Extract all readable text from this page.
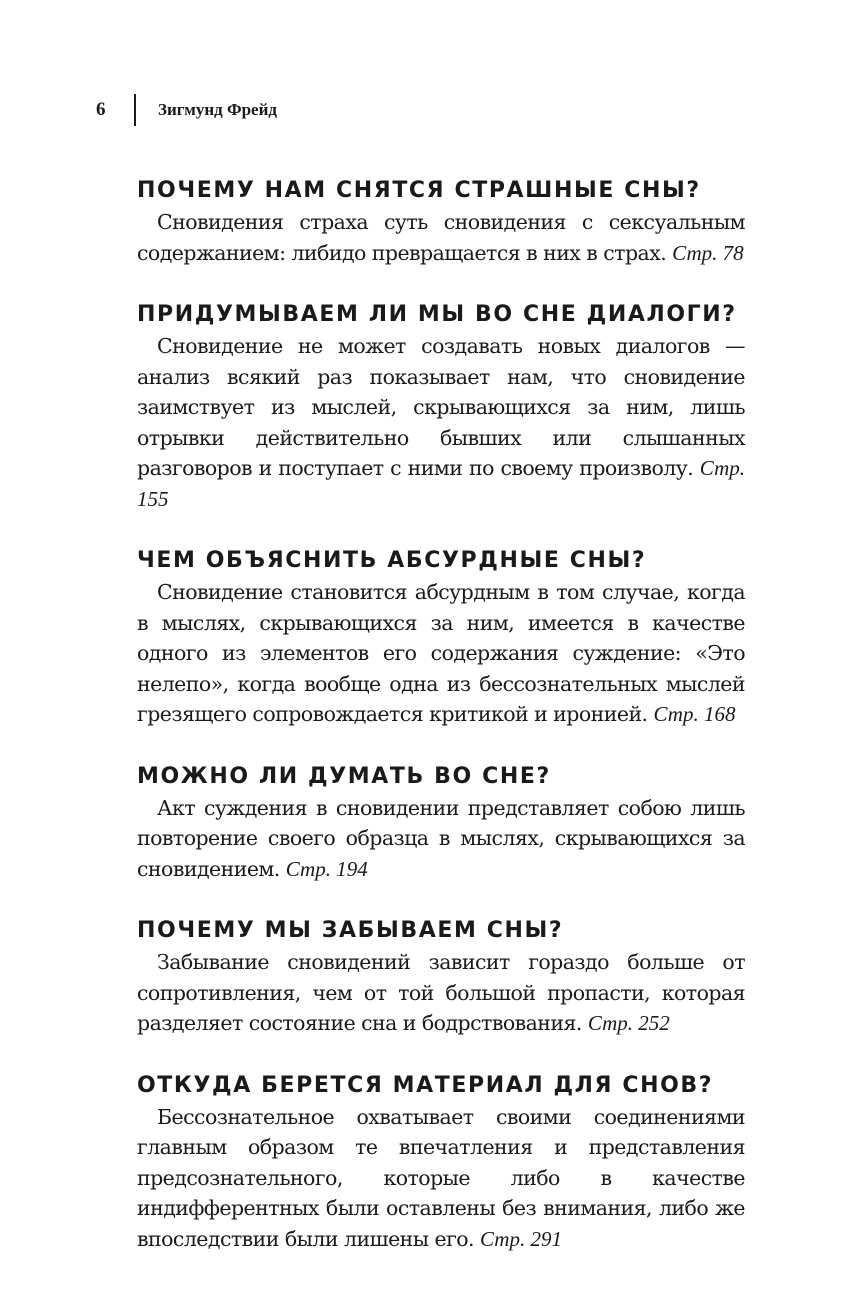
6	Зигмунд Фрейд
ПОЧЕМУ НАМ СНЯТСЯ СТРАШНЫЕ СНЫ?

Сновидения страха суть сновидения с сексуальным содержанием: либидо превращается в них в страх. Стр. 78

ПРИДУМЫВАЕМ ЛИ МЫ ВО СНЕ ДИАЛОГИ?

Сновидение не может создавать новых диалогов — анализ всякий раз показывает нам, что сновидение заимствует из мыслей, скрывающихся за ним, лишь отрывки действительно бывших или слышанных разговоров и поступает с ними по своему произволу. Стр. 155

ЧЕМ ОБЪЯСНИТЬ АБСУРДНЫЕ СНЫ?

Сновидение становится абсурдным в том случае, когда в мыслях, скрывающихся за ним, имеется в качестве одного из элементов его содержания суждение: «Это нелепо», когда вообще одна из бессознательных мыслей грезящего сопровождается критикой и иронией. Стр. 168

МОЖНО ЛИ ДУМАТЬ ВО СНЕ?

Акт суждения в сновидении представляет собою лишь повторение своего образца в мыслях, скрывающихся за сновидением. Стр. 194

ПОЧЕМУ МЫ ЗАБЫВАЕМ СНЫ?

Забывание сновидений зависит гораздо больше от сопротивления, чем от той большой пропасти, которая разделяет состояние сна и бодрствования. Стр. 252

ОТКУДА БЕРЕТСЯ МАТЕРИАЛ ДЛЯ СНОВ?

Бессознательное охватывает своими соединениями главным образом те впечатления и представления предсознательного, которые либо в качестве индифферентных были оставлены без внимания, либо же впоследствии были лишены его. Стр. 291
